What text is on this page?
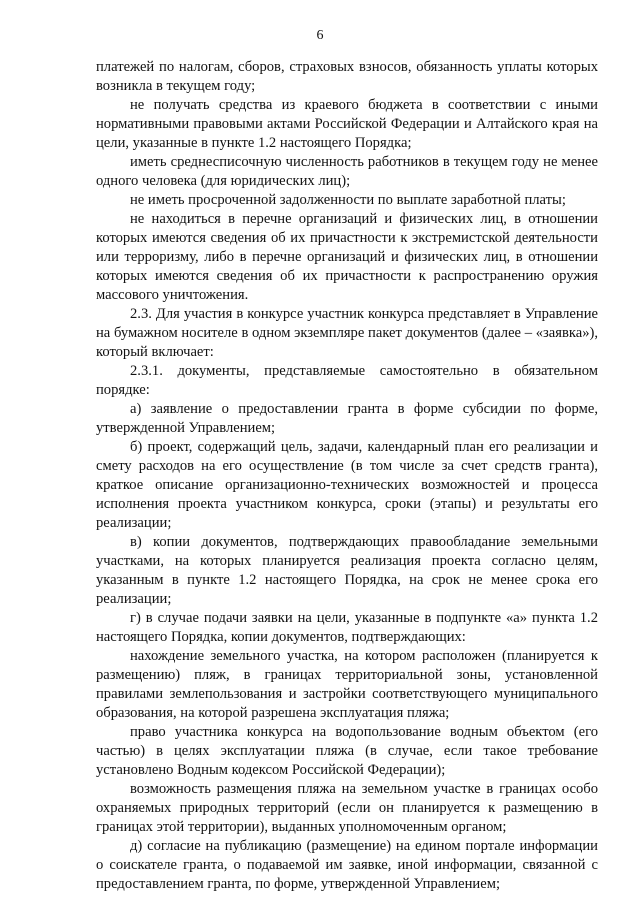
6

платежей по налогам, сборов, страховых взносов, обязанность уплаты которых возникла в текущем году;

не получать средства из краевого бюджета в соответствии с иными нормативными правовыми актами Российской Федерации и Алтайского края на цели, указанные в пункте 1.2 настоящего Порядка;

иметь среднесписочную численность работников в текущем году не менее одного человека (для юридических лиц);

не иметь просроченной задолженности по выплате заработной платы;

не находиться в перечне организаций и физических лиц, в отношении которых имеются сведения об их причастности к экстремистской деятельности или терроризму, либо в перечне организаций и физических лиц, в отношении которых имеются сведения об их причастности к распространению оружия массового уничтожения.

2.3. Для участия в конкурсе участник конкурса представляет в Управление на бумажном носителе в одном экземпляре пакет документов (далее – «заявка»), который включает:

2.3.1. документы, представляемые самостоятельно в обязательном порядке:

а) заявление о предоставлении гранта в форме субсидии по форме, утвержденной Управлением;

б) проект, содержащий цель, задачи, календарный план его реализации и смету расходов на его осуществление (в том числе за счет средств гранта), краткое описание организационно-технических возможностей и процесса исполнения проекта участником конкурса, сроки (этапы) и результаты его реализации;

в) копии документов, подтверждающих правообладание земельными участками, на которых планируется реализация проекта согласно целям, указанным в пункте 1.2 настоящего Порядка, на срок не менее срока его реализации;

г) в случае подачи заявки на цели, указанные в подпункте «а» пункта 1.2 настоящего Порядка, копии документов, подтверждающих:

нахождение земельного участка, на котором расположен (планируется к размещению) пляж, в границах территориальной зоны, установленной правилами землепользования и застройки соответствующего муниципального образования, на которой разрешена эксплуатация пляжа;

право участника конкурса на водопользование водным объектом (его частью) в целях эксплуатации пляжа (в случае, если такое требование установлено Водным кодексом Российской Федерации);

возможность размещения пляжа на земельном участке в границах особо охраняемых природных территорий (если он планируется к размещению в границах этой территории), выданных уполномоченным органом;

д) согласие на публикацию (размещение) на едином портале информации о соискателе гранта, о подаваемой им заявке, иной информации, связанной с предоставлением гранта, по форме, утвержденной Управлением;
